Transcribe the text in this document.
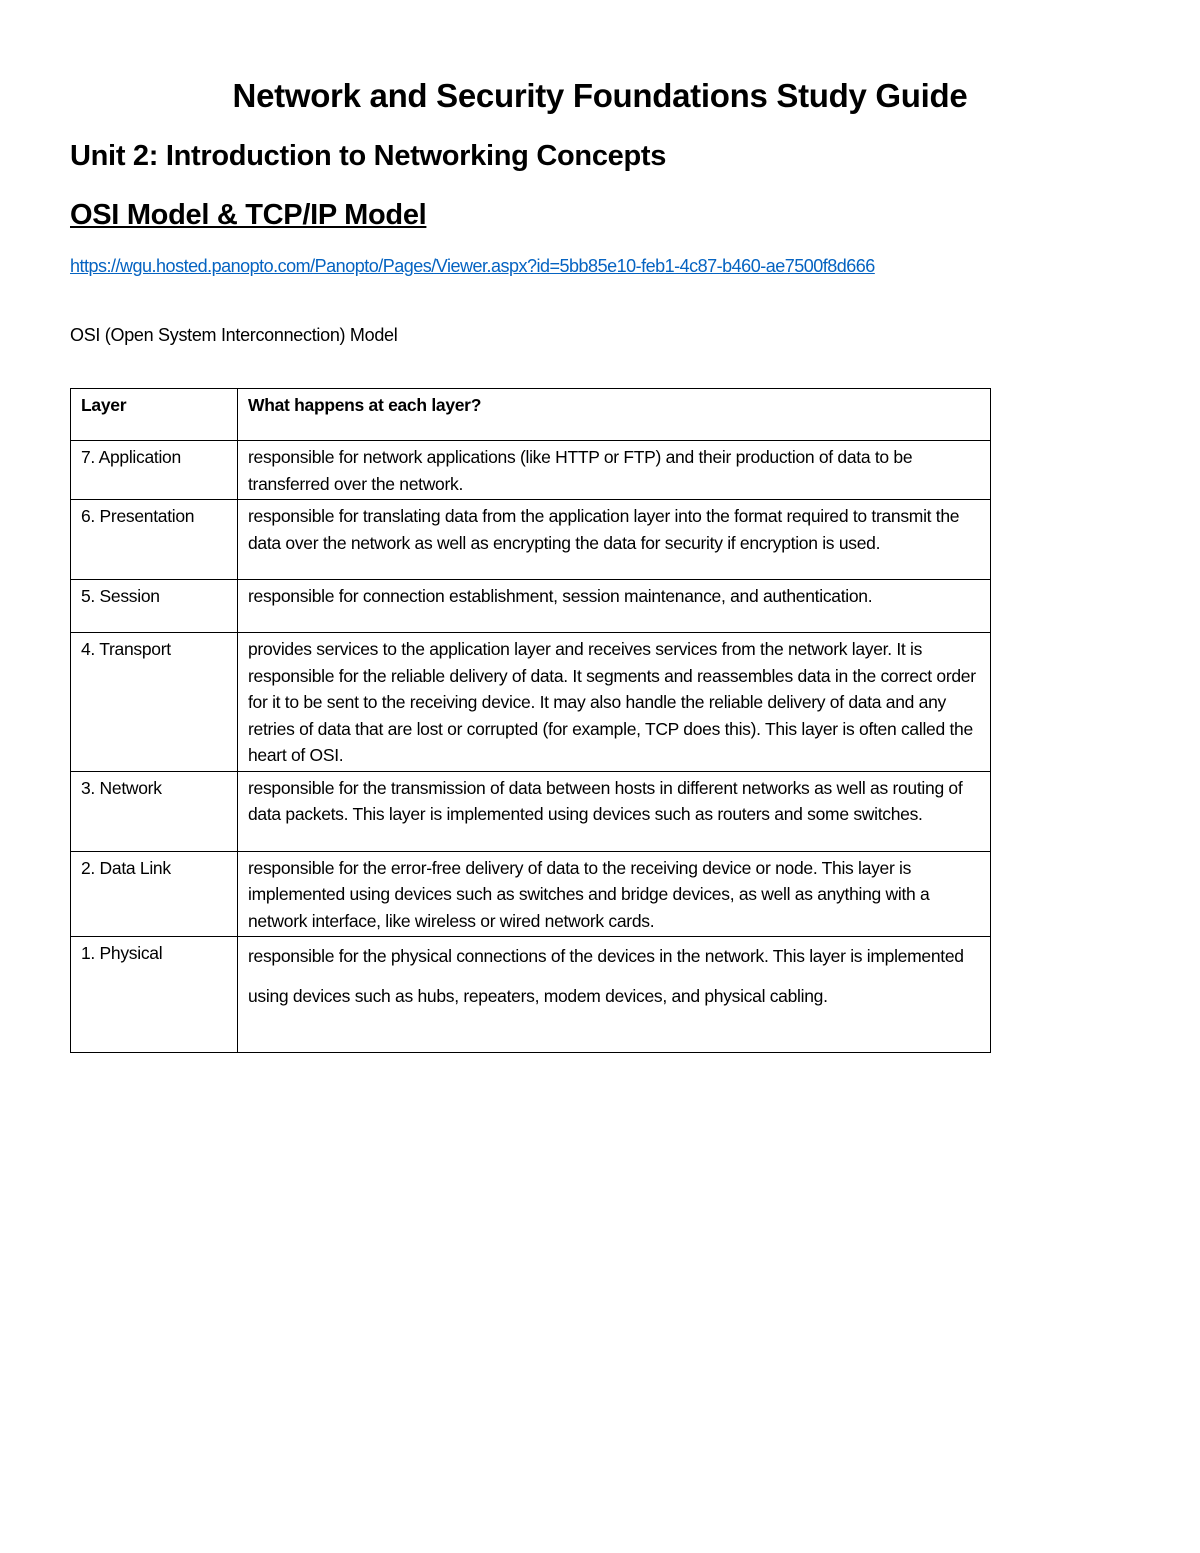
Network and Security Foundations Study Guide
Unit 2: Introduction to Networking Concepts
OSI Model & TCP/IP Model
https://wgu.hosted.panopto.com/Panopto/Pages/Viewer.aspx?id=5bb85e10-feb1-4c87-b460-ae7500f8d666
OSI (Open System Interconnection) Model
Layer	What happens at each layer?
7. Application	responsible for network applications (like HTTP or FTP) and their production of data to be transferred over the network.
6. Presentation	responsible for translating data from the application layer into the format required to transmit the data over the network as well as encrypting the data for security if encryption is used.
5. Session	responsible for connection establishment, session maintenance, and authentication.
4. Transport	provides services to the application layer and receives services from the network layer. It is responsible for the reliable delivery of data. It segments and reassembles data in the correct order for it to be sent to the receiving device. It may also handle the reliable delivery of data and any retries of data that are lost or corrupted (for example, TCP does this). This layer is often called the heart of OSI.
3. Network	responsible for the transmission of data between hosts in different networks as well as routing of data packets. This layer is implemented using devices such as routers and some switches.
2. Data Link	responsible for the error-free delivery of data to the receiving device or node. This layer is implemented using devices such as switches and bridge devices, as well as anything with a network interface, like wireless or wired network cards.
1. Physical	responsible for the physical connections of the devices in the network. This layer is implemented using devices such as hubs, repeaters, modem devices, and physical cabling.
